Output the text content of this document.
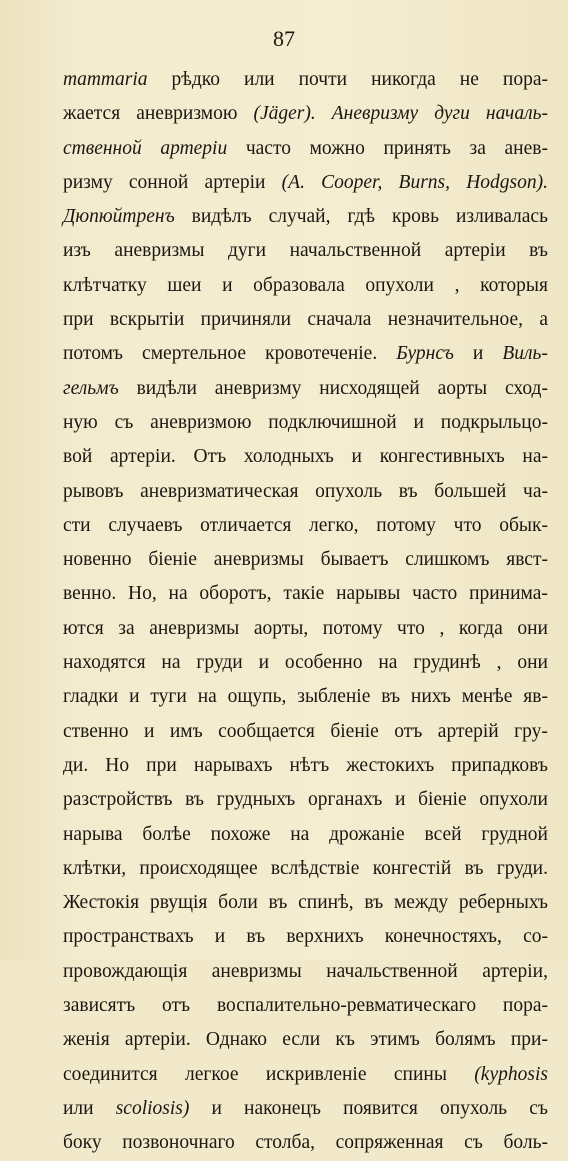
87
mammaria рѣдко или почти никогда не пора-
жается аневризмою (Jäger). Аневризму дуги началь-
ственной артеріи часто можно принять за анев-
ризму сонной артеріи (A. Cooper, Burns, Hodgson).
Дюпюйтренъ видѣлъ случай, гдѣ кровь изливалась
изъ аневризмы дуги начальственной артеріи въ
клѣтчатку шеи и образовала опухоли , которыя
при вскрытіи причиняли сначала незначительное, а
потомъ смертельное кровотеченіе. Бурнсъ и Виль-
гельмъ видѣли аневризму нисходящей аорты сход-
ную съ аневризмою подключишной и подкрыльцо-
вой артеріи. Отъ холодныхъ и конгестивныхъ на-
рывовъ аневризматическая опухоль въ большей ча-
сти случаевъ отличается легко, потому что обык-
новенно біеніе аневризмы бываетъ слишкомъ явст-
венно. Но, на оборотъ, такіе нарывы часто принима-
ются за аневризмы аорты, потому что , когда они
находятся на груди и особенно на грудинѣ , они
гладки и туги на ощупь, зыбленіе въ нихъ менѣе яв-
ственно и имъ сообщается біеніе отъ артерій гру-
ди. Но при нарывахъ нѣтъ жестокихъ припадковъ
разстройствъ въ грудныхъ органахъ и біеніе опухоли
нарыва болѣе похоже на дрожаніе всей грудной
клѣтки, происходящее вслѣдствіе конгестій въ груди.
Жестокія рвущія боли въ спинѣ, въ между реберныхъ
пространствахъ и въ верхнихъ конечностяхъ, со-
провождающія аневризмы начальственной артеріи,
зависятъ отъ воспалительно-ревматическаго пора-
женія артеріи. Однако если къ этимъ болямъ при-
соединится легкое искривленіе спины (kyphosis
или scoliosis) и наконецъ появится опухоль съ
боку позвоночнаго столба, сопряженная съ боль-
